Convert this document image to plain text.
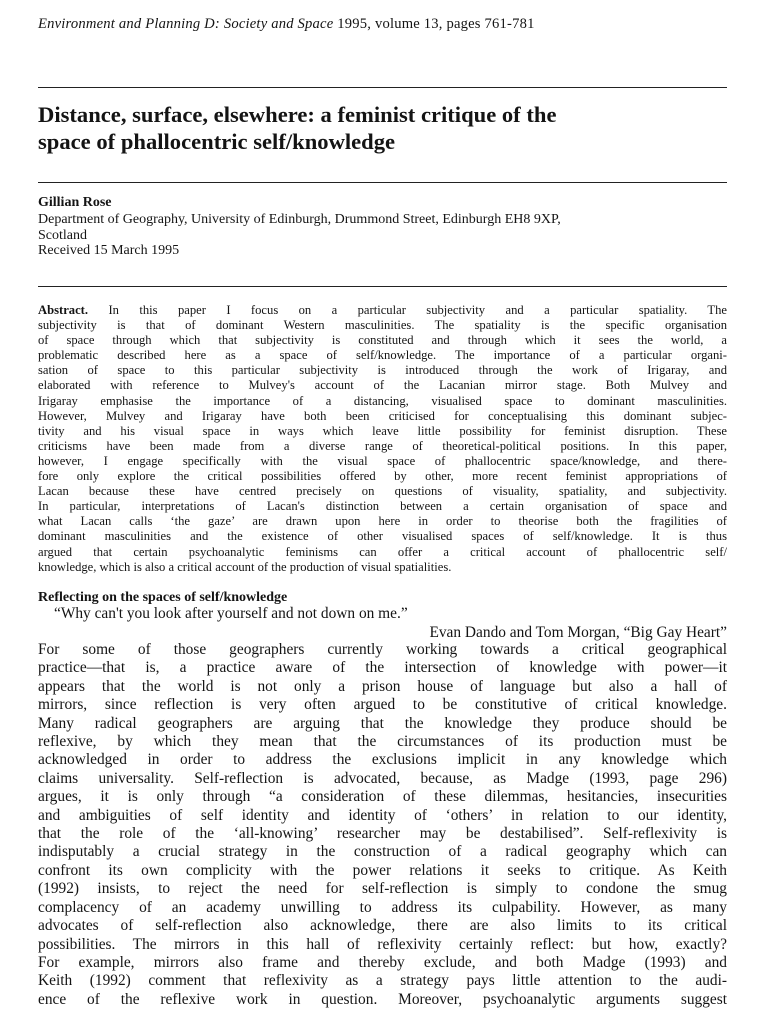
Environment and Planning D: Society and Space 1995, volume 13, pages 761-781
Distance, surface, elsewhere: a feminist critique of the
space of phallocentric self/knowledge
Gillian Rose
Department of Geography, University of Edinburgh, Drummond Street, Edinburgh EH8 9XP,
Scotland
Received 15 March 1995
Abstract. In this paper I focus on a particular subjectivity and a particular spatiality. The
subjectivity is that of dominant Western masculinities. The spatiality is the specific organisation
of space through which that subjectivity is constituted and through which it sees the world, a
problematic described here as a space of self/knowledge. The importance of a particular organi-
sation of space to this particular subjectivity is introduced through the work of Irigaray, and
elaborated with reference to Mulvey's account of the Lacanian mirror stage. Both Mulvey and
Irigaray emphasise the importance of a distancing, visualised space to dominant masculinities.
However, Mulvey and Irigaray have both been criticised for conceptualising this dominant subjec-
tivity and his visual space in ways which leave little possibility for feminist disruption. These
criticisms have been made from a diverse range of theoretical-political positions. In this paper,
however, I engage specifically with the visual space of phallocentric space/knowledge, and there-
fore only explore the critical possibilities offered by other, more recent feminist appropriations of
Lacan because these have centred precisely on questions of visuality, spatiality, and subjectivity.
In particular, interpretations of Lacan's distinction between a certain organisation of space and
what Lacan calls ‘the gaze’ are drawn upon here in order to theorise both the fragilities of
dominant masculinities and the existence of other visualised spaces of self/knowledge. It is thus
argued that certain psychoanalytic feminisms can offer a critical account of phallocentric self/
knowledge, which is also a critical account of the production of visual spatialities.
Reflecting on the spaces of self/knowledge
“Why can't you look after yourself and not down on me.”
Evan Dando and Tom Morgan, “Big Gay Heart”
For some of those geographers currently working towards a critical geographical
practice—that is, a practice aware of the intersection of knowledge with power—it
appears that the world is not only a prison house of language but also a hall of
mirrors, since reflection is very often argued to be constitutive of critical knowledge.
Many radical geographers are arguing that the knowledge they produce should be
reflexive, by which they mean that the circumstances of its production must be
acknowledged in order to address the exclusions implicit in any knowledge which
claims universality. Self-reflection is advocated, because, as Madge (1993, page 296)
argues, it is only through “a consideration of these dilemmas, hesitancies, insecurities
and ambiguities of self identity and identity of ‘others’ in relation to our identity,
that the role of the ‘all-knowing’ researcher may be destabilised”. Self-reflexivity is
indisputably a crucial strategy in the construction of a radical geography which can
confront its own complicity with the power relations it seeks to critique. As Keith
(1992) insists, to reject the need for self-reflection is simply to condone the smug
complacency of an academy unwilling to address its culpability. However, as many
advocates of self-reflection also acknowledge, there are also limits to its critical
possibilities. The mirrors in this hall of reflexivity certainly reflect: but how, exactly?
For example, mirrors also frame and thereby exclude, and both Madge (1993) and
Keith (1992) comment that reflexivity as a strategy pays little attention to the audi-
ence of the reflexive work in question. Moreover, psychoanalytic arguments suggest
